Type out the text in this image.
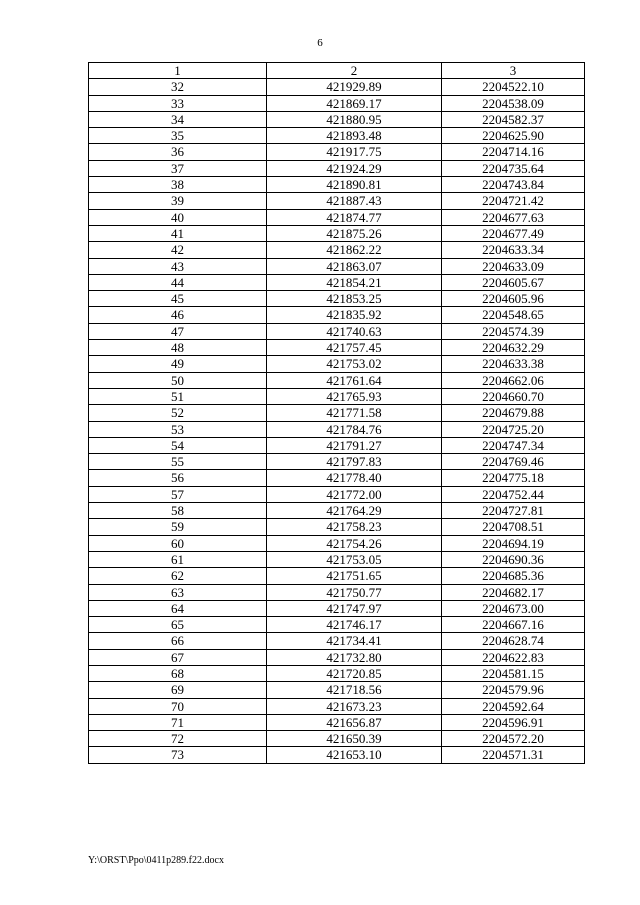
6
1	2	3
32	421929.89	2204522.10
33	421869.17	2204538.09
34	421880.95	2204582.37
35	421893.48	2204625.90
36	421917.75	2204714.16
37	421924.29	2204735.64
38	421890.81	2204743.84
39	421887.43	2204721.42
40	421874.77	2204677.63
41	421875.26	2204677.49
42	421862.22	2204633.34
43	421863.07	2204633.09
44	421854.21	2204605.67
45	421853.25	2204605.96
46	421835.92	2204548.65
47	421740.63	2204574.39
48	421757.45	2204632.29
49	421753.02	2204633.38
50	421761.64	2204662.06
51	421765.93	2204660.70
52	421771.58	2204679.88
53	421784.76	2204725.20
54	421791.27	2204747.34
55	421797.83	2204769.46
56	421778.40	2204775.18
57	421772.00	2204752.44
58	421764.29	2204727.81
59	421758.23	2204708.51
60	421754.26	2204694.19
61	421753.05	2204690.36
62	421751.65	2204685.36
63	421750.77	2204682.17
64	421747.97	2204673.00
65	421746.17	2204667.16
66	421734.41	2204628.74
67	421732.80	2204622.83
68	421720.85	2204581.15
69	421718.56	2204579.96
70	421673.23	2204592.64
71	421656.87	2204596.91
72	421650.39	2204572.20
73	421653.10	2204571.31
Y:\ORST\Ppo\0411p289.f22.docx
